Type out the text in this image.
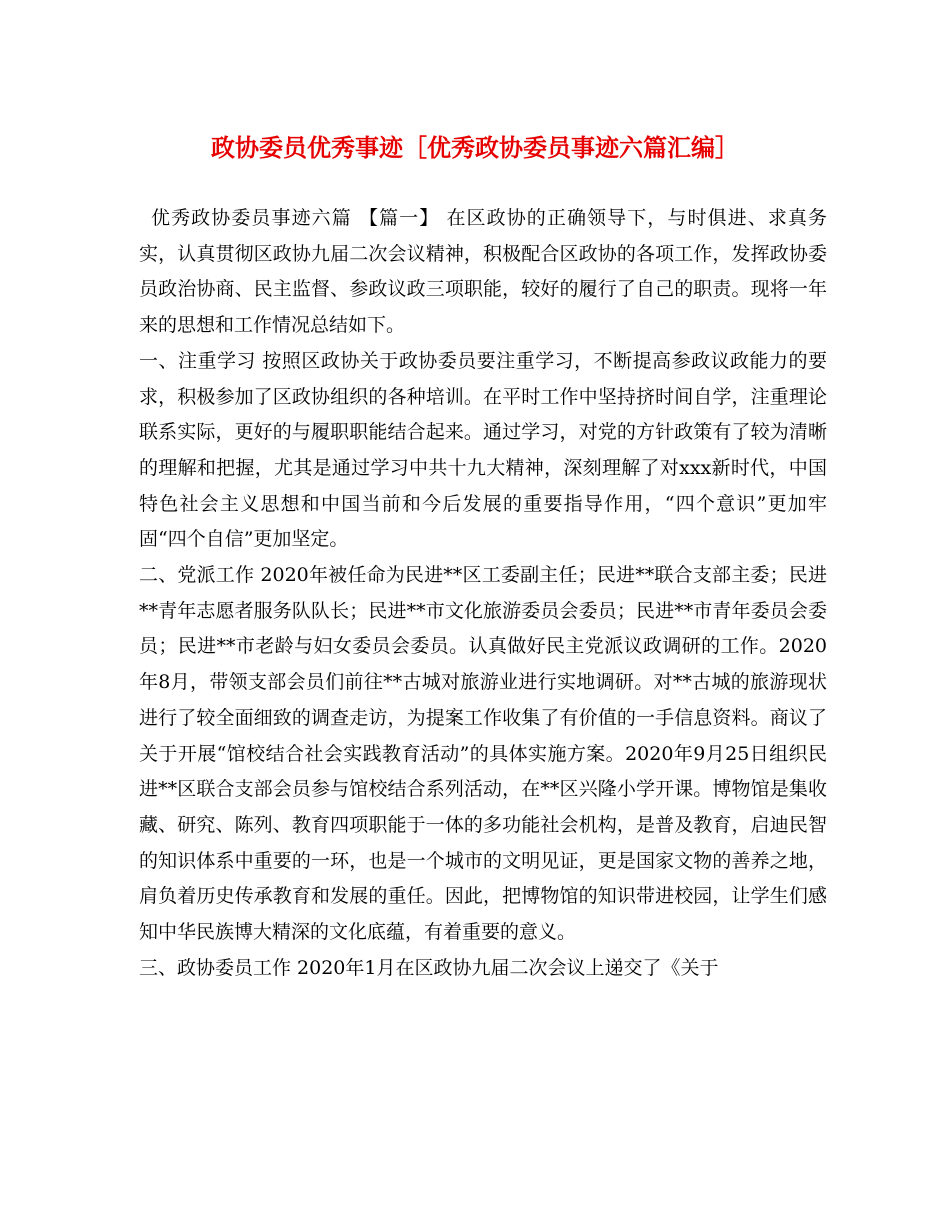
政协委员优秀事迹［优秀政协委员事迹六篇汇编］

优秀政协委员事迹六篇 【篇一】 在区政协的正确领导下，与时俱进、求真务实，认真贯彻区政协九届二次会议精神，积极配合区政协的各项工作，发挥政协委员政治协商、民主监督、参政议政三项职能，较好的履行了自己的职责。现将一年来的思想和工作情况总结如下。

一、注重学习 按照区政协关于政协委员要注重学习，不断提高参政议政能力的要求，积极参加了区政协组织的各种培训。在平时工作中坚持挤时间自学，注重理论联系实际，更好的与履职职能结合起来。通过学习，对党的方针政策有了较为清晰的理解和把握，尤其是通过学习中共十九大精神，深刻理解了对xxx新时代，中国特色社会主义思想和中国当前和今后发展的重要指导作用，“四个意识”更加牢固“四个自信”更加坚定。

二、党派工作 2020年被任命为民进**区工委副主任；民进**联合支部主委；民进**青年志愿者服务队队长；民进**市文化旅游委员会委员；民进**市青年委员会委员；民进**市老龄与妇女委员会委员。认真做好民主党派议政调研的工作。2020年8月，带领支部会员们前往**古城对旅游业进行实地调研。对**古城的旅游现状进行了较全面细致的调查走访，为提案工作收集了有价值的一手信息资料。商议了关于开展“馆校结合社会实践教育活动”的具体实施方案。2020年9月25日组织民进**区联合支部会员参与馆校结合系列活动，在**区兴隆小学开课。博物馆是集收藏、研究、陈列、教育四项职能于一体的多功能社会机构，是普及教育，启迪民智的知识体系中重要的一环，也是一个城市的文明见证，更是国家文物的善养之地，肩负着历史传承教育和发展的重任。因此，把博物馆的知识带进校园，让学生们感知中华民族博大精深的文化底蕴，有着重要的意义。

三、政协委员工作 2020年1月在区政协九届二次会议上递交了《关于
